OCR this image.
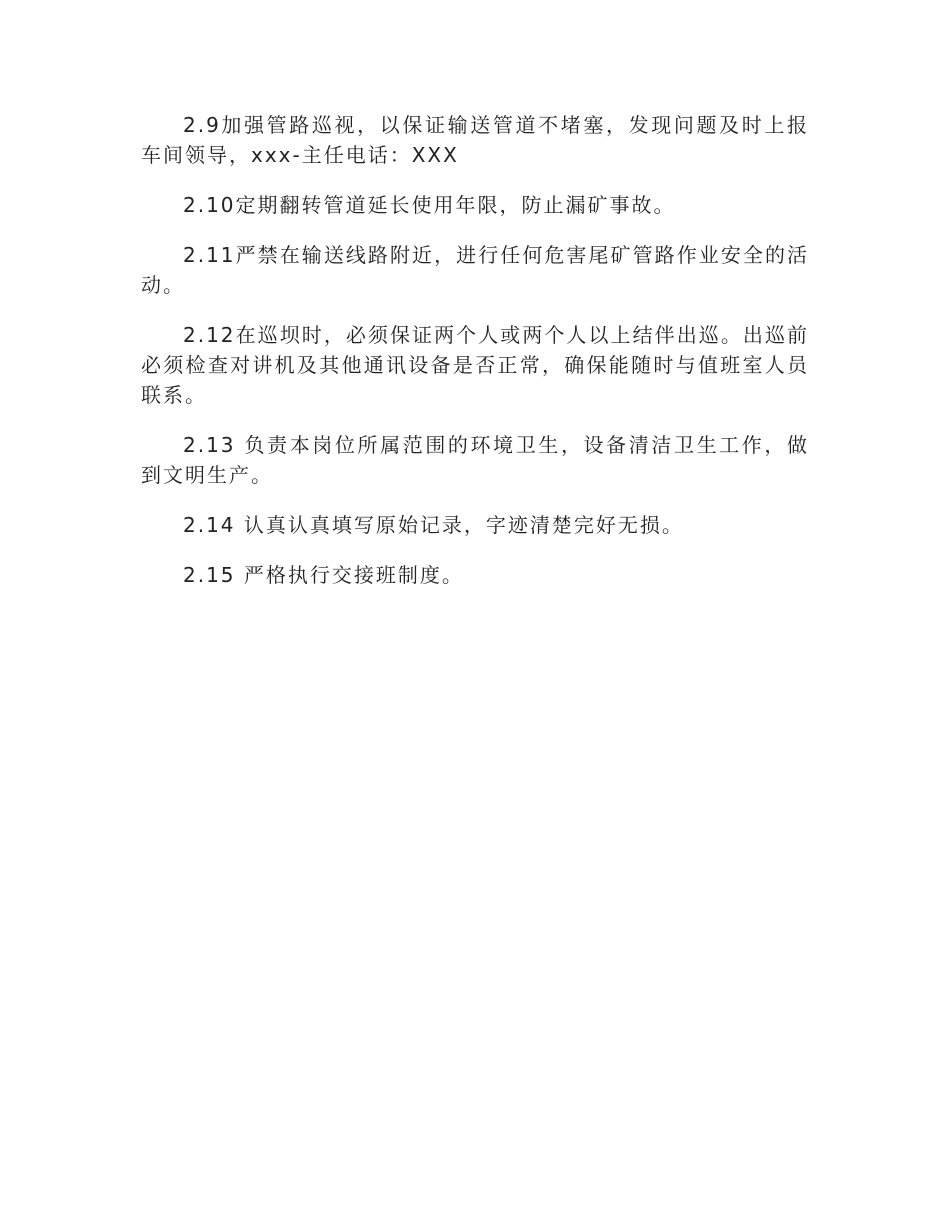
2.9加强管路巡视，以保证输送管道不堵塞，发现问题及时上报车间领导，xxx-主任电话：XXX

2.10定期翻转管道延长使用年限，防止漏矿事故。

2.11严禁在输送线路附近，进行任何危害尾矿管路作业安全的活动。

2.12在巡坝时，必须保证两个人或两个人以上结伴出巡。出巡前必须检查对讲机及其他通讯设备是否正常，确保能随时与值班室人员联系。

2.13 负责本岗位所属范围的环境卫生，设备清洁卫生工作，做到文明生产。

2.14 认真认真填写原始记录，字迹清楚完好无损。

2.15 严格执行交接班制度。
